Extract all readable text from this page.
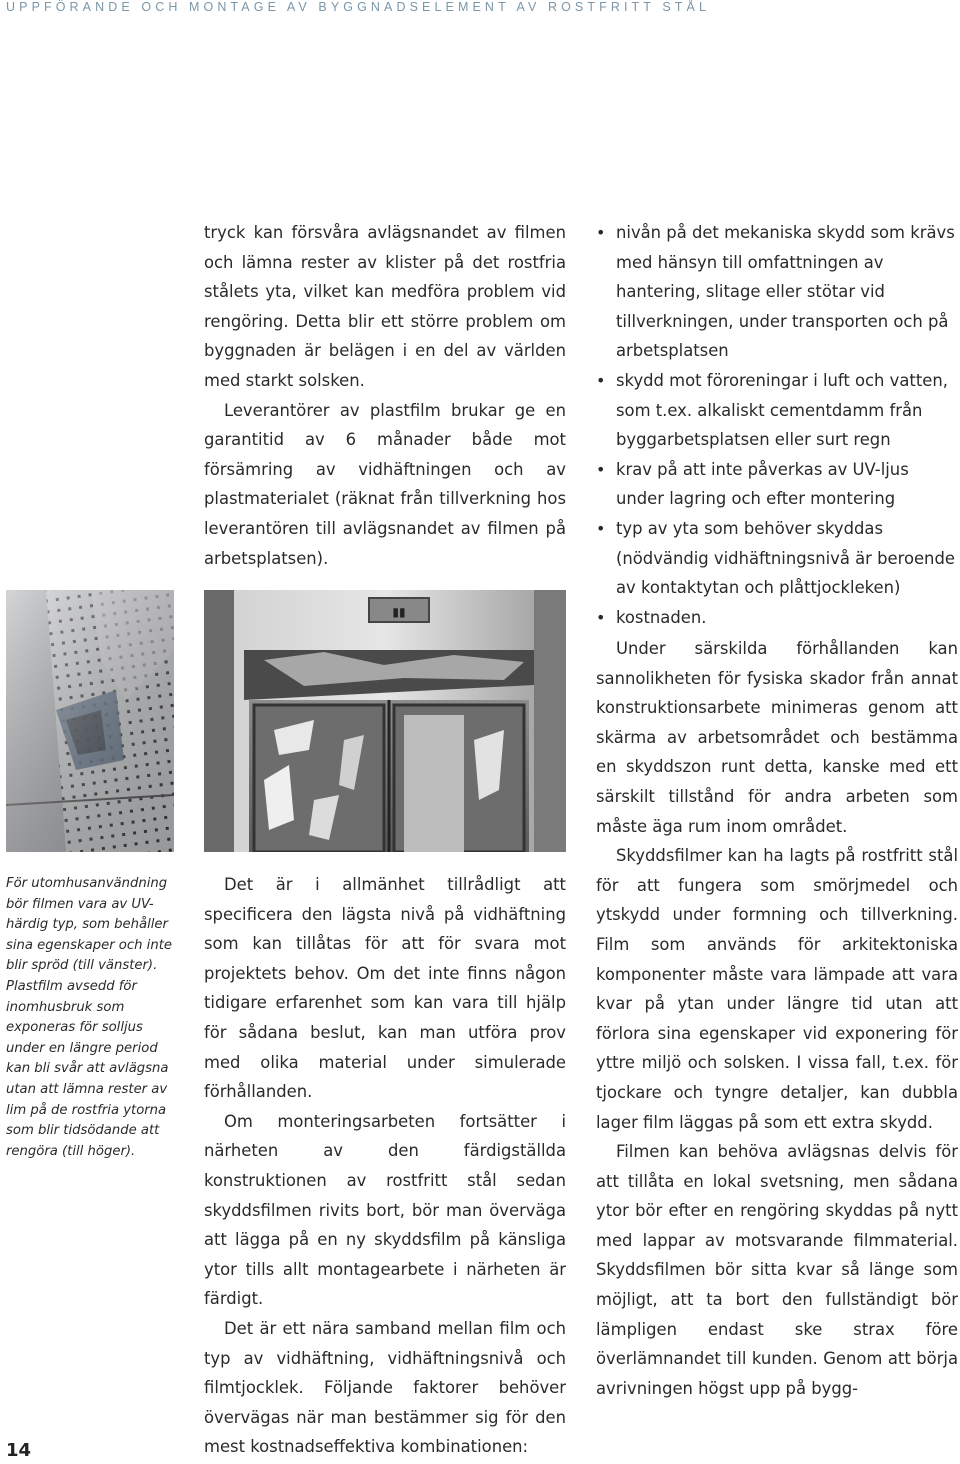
UPPFÖRANDE OCH MONTAGE AV BYGGNADSELEMENT AV ROSTFRITT STÅL

tryck kan försvåra avlägsnandet av filmen och lämna rester av klister på det rostfria stålets yta, vilket kan medföra problem vid rengöring. Detta blir ett större problem om byggnaden är belägen i en del av världen med starkt solsken.

Leverantörer av plastfilm brukar ge en garantitid av 6 månader både mot försämring av vidhäftningen och av plastmaterialet (räknat från tillverkning hos leverantören till avlägsnandet av filmen på arbetsplatsen).

• nivån på det mekaniska skydd som krävs med hänsyn till omfattningen av hantering, slitage eller stötar vid tillverkningen, under transporten och på arbetsplatsen
• skydd mot föroreningar i luft och vatten, som t.ex. alkaliskt cementdamm från byggarbetsplatsen eller surt regn
• krav på att inte påverkas av UV-ljus under lagring och efter montering
• typ av yta som behöver skyddas (nödvändig vidhäftningsnivå är beroende av kontaktytan och plåttjockleken)
• kostnaden.

Under särskilda förhållanden kan sannolikheten för fysiska skador från annat konstruktionsarbete minimeras genom att skärma av arbetsområdet och bestämma en skyddszon runt detta, kanske med ett särskilt tillstånd för andra arbeten som måste äga rum inom området.

Skyddsfilmer kan ha lagts på rostfritt stål för att fungera som smörjmedel och ytskydd under formning och tillverkning. Film som används för arkitektoniska komponenter måste vara lämpade att vara kvar på ytan under längre tid utan att förlora sina egenskaper vid exponering för yttre miljö och solsken. I vissa fall, t.ex. för tjockare och tyngre detaljer, kan dubbla lager film läggas på som ett extra skydd.

Filmen kan behöva avlägsnas delvis för att tillåta en lokal svetsning, men sådana ytor bör efter en rengöring skyddas på nytt med lappar av motsvarande filmmaterial. Skyddsfilmen bör sitta kvar så länge som möjligt, att ta bort den fullständigt bör lämpligen endast ske strax före överlämnandet till kunden. Genom att börja avrivningen högst upp på bygg-

▮▮
För utomhusanvändning bör filmen vara av UV-härdig typ, som behåller sina egenskaper och inte blir spröd (till vänster). Plastfilm avsedd för inomhusbruk som exponeras för solljus under en längre period kan bli svår att avlägsna utan att lämna rester av lim på de rostfria ytorna som blir tidsödande att rengöra (till höger).

Det är i allmänhet tillrådligt att specificera den lägsta nivå på vidhäftning som kan tillåtas för att för svara mot projektets behov. Om det inte finns någon tidigare erfarenhet som kan vara till hjälp för sådana beslut, kan man utföra prov med olika material under simulerade förhållanden.

Om monteringsarbeten fortsätter i närheten av den färdigställda konstruktionen av rostfritt stål sedan skyddsfilmen rivits bort, bör man överväga att lägga på en ny skyddsfilm på känsliga ytor tills allt montagearbete i närheten är färdigt.

Det är ett nära samband mellan film och typ av vidhäftning, vidhäftningsnivå och filmtjocklek. Följande faktorer behöver övervägas när man bestämmer sig för den mest kostnadseffektiva kombinationen:

14
